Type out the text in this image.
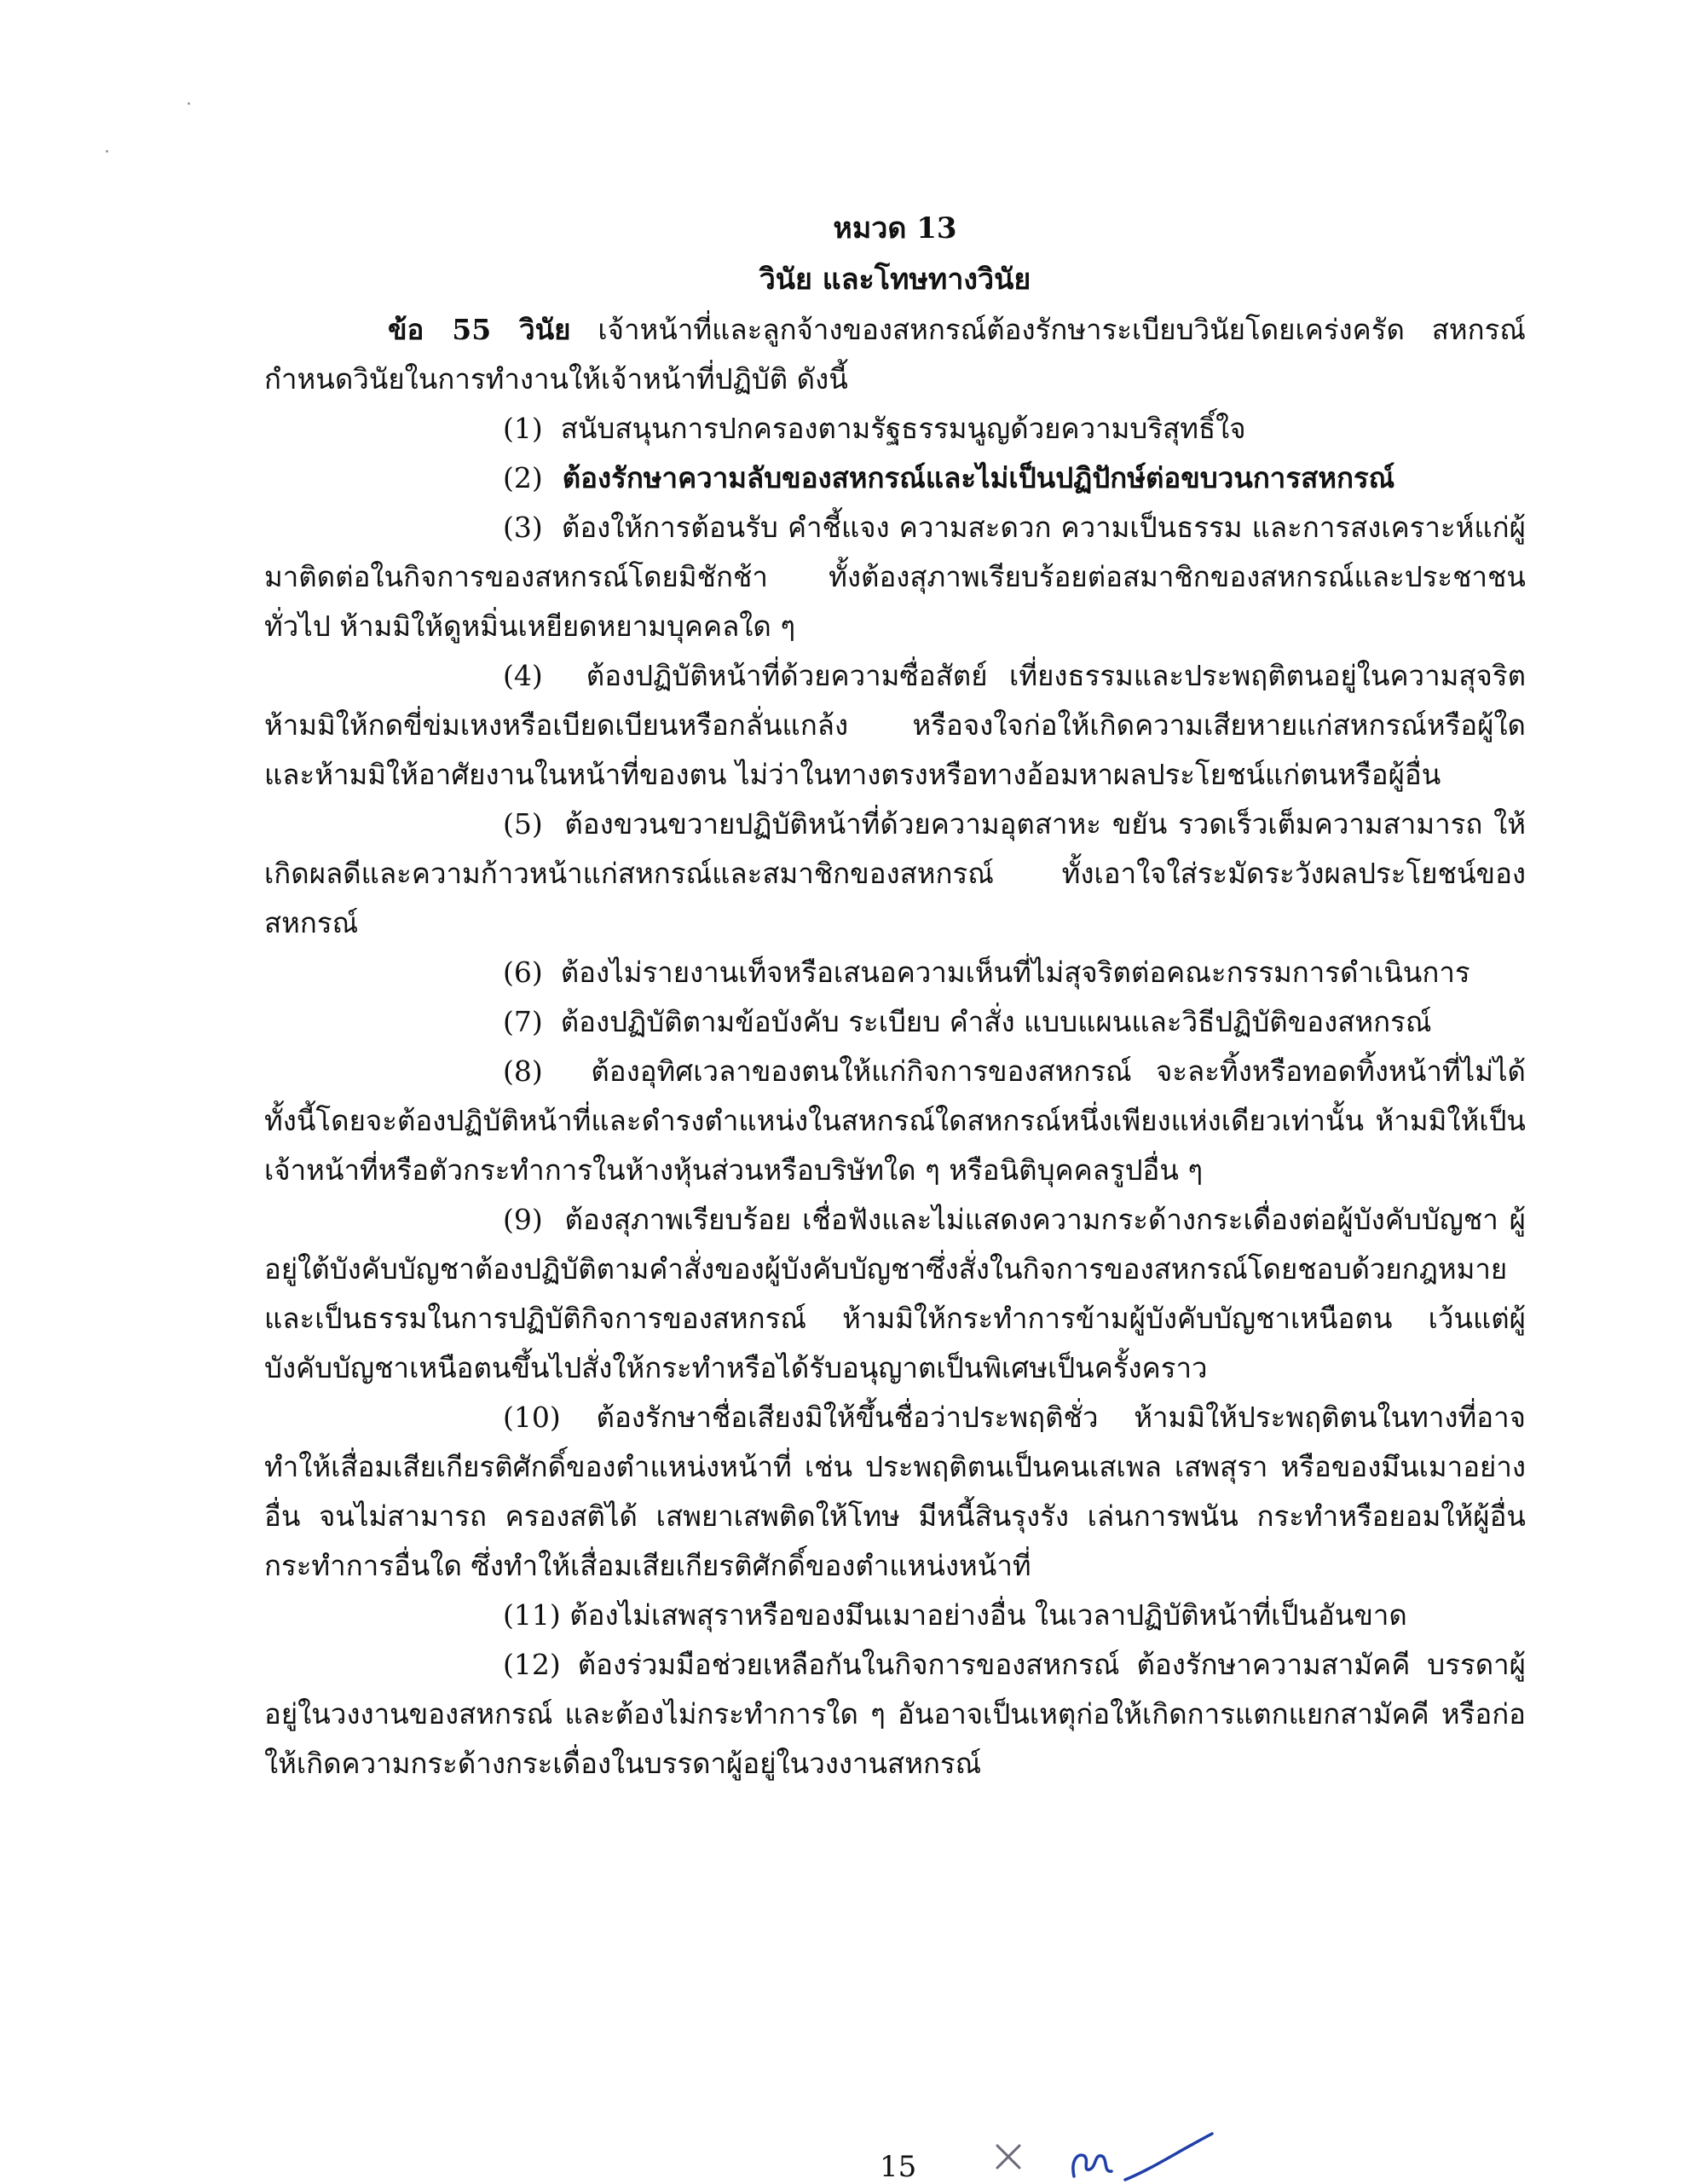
หมวด 13
วินัย และโทษทางวินัย

ข้อ 55 วินัย เจ้าหน้าที่และลูกจ้างของสหกรณ์ต้องรักษาระเบียบวินัยโดยเคร่งครัด สหกรณ์กำหนดวินัยในการทำงานให้เจ้าหน้าที่ปฏิบัติ ดังนี้

(1) สนับสนุนการปกครองตามรัฐธรรมนูญด้วยความบริสุทธิ์ใจ

(2) ต้องรักษาความลับของสหกรณ์และไม่เป็นปฏิปักษ์ต่อขบวนการสหกรณ์

(3) ต้องให้การต้อนรับ คำชี้แจง ความสะดวก ความเป็นธรรม และการสงเคราะห์แก่ผู้มาติดต่อในกิจการของสหกรณ์โดยมิชักช้า ทั้งต้องสุภาพเรียบร้อยต่อสมาชิกของสหกรณ์และประชาชนทั่วไป ห้ามมิให้ดูหมิ่นเหยียดหยามบุคคลใด ๆ

(4) ต้องปฏิบัติหน้าที่ด้วยความซื่อสัตย์ เที่ยงธรรมและประพฤติตนอยู่ในความสุจริต ห้ามมิให้กดขี่ข่มเหงหรือเบียดเบียนหรือกลั่นแกล้ง หรือจงใจก่อให้เกิดความเสียหายแก่สหกรณ์หรือผู้ใด และห้ามมิให้อาศัยงานในหน้าที่ของตน ไม่ว่าในทางตรงหรือทางอ้อมหาผลประโยชน์แก่ตนหรือผู้อื่น

(5) ต้องขวนขวายปฏิบัติหน้าที่ด้วยความอุตสาหะ ขยัน รวดเร็วเต็มความสามารถ ให้เกิดผลดีและความก้าวหน้าแก่สหกรณ์และสมาชิกของสหกรณ์ ทั้งเอาใจใส่ระมัดระวังผลประโยชน์ของสหกรณ์

(6) ต้องไม่รายงานเท็จหรือเสนอความเห็นที่ไม่สุจริตต่อคณะกรรมการดำเนินการ

(7) ต้องปฏิบัติตามข้อบังคับ ระเบียบ คำสั่ง แบบแผนและวิธีปฏิบัติของสหกรณ์

(8) ต้องอุทิศเวลาของตนให้แก่กิจการของสหกรณ์ จะละทิ้งหรือทอดทิ้งหน้าที่ไม่ได้ ทั้งนี้โดยจะต้องปฏิบัติหน้าที่และดำรงตำแหน่งในสหกรณ์ใดสหกรณ์หนึ่งเพียงแห่งเดียวเท่านั้น ห้ามมิให้เป็นเจ้าหน้าที่หรือตัวกระทำการในห้างหุ้นส่วนหรือบริษัทใด ๆ หรือนิติบุคคลรูปอื่น ๆ

(9) ต้องสุภาพเรียบร้อย เชื่อฟังและไม่แสดงความกระด้างกระเดื่องต่อผู้บังคับบัญชา ผู้อยู่ใต้บังคับบัญชาต้องปฏิบัติตามคำสั่งของผู้บังคับบัญชาซึ่งสั่งในกิจการของสหกรณ์โดยชอบด้วยกฎหมาย และเป็นธรรมในการปฏิบัติกิจการของสหกรณ์ ห้ามมิให้กระทำการข้ามผู้บังคับบัญชาเหนือตน เว้นแต่ผู้บังคับบัญชาเหนือตนขึ้นไปสั่งให้กระทำหรือได้รับอนุญาตเป็นพิเศษเป็นครั้งคราว

(10) ต้องรักษาชื่อเสียงมิให้ขึ้นชื่อว่าประพฤติชั่ว ห้ามมิให้ประพฤติตนในทางที่อาจทำให้เสื่อมเสียเกียรติศักดิ์ของตำแหน่งหน้าที่ เช่น ประพฤติตนเป็นคนเสเพล เสพสุรา หรือของมึนเมาอย่างอื่น จนไม่สามารถ ครองสติได้ เสพยาเสพติดให้โทษ มีหนี้สินรุงรัง เล่นการพนัน กระทำหรือยอมให้ผู้อื่นกระทำการอื่นใด ซึ่งทำให้เสื่อมเสียเกียรติศักดิ์ของตำแหน่งหน้าที่

(11) ต้องไม่เสพสุราหรือของมึนเมาอย่างอื่น ในเวลาปฏิบัติหน้าที่เป็นอันขาด

(12) ต้องร่วมมือช่วยเหลือกันในกิจการของสหกรณ์ ต้องรักษาความสามัคคี บรรดาผู้อยู่ในวงงานของสหกรณ์ และต้องไม่กระทำการใด ๆ อันอาจเป็นเหตุก่อให้เกิดการแตกแยกสามัคคี หรือก่อให้เกิดความกระด้างกระเดื่องในบรรดาผู้อยู่ในวงงานสหกรณ์

15
